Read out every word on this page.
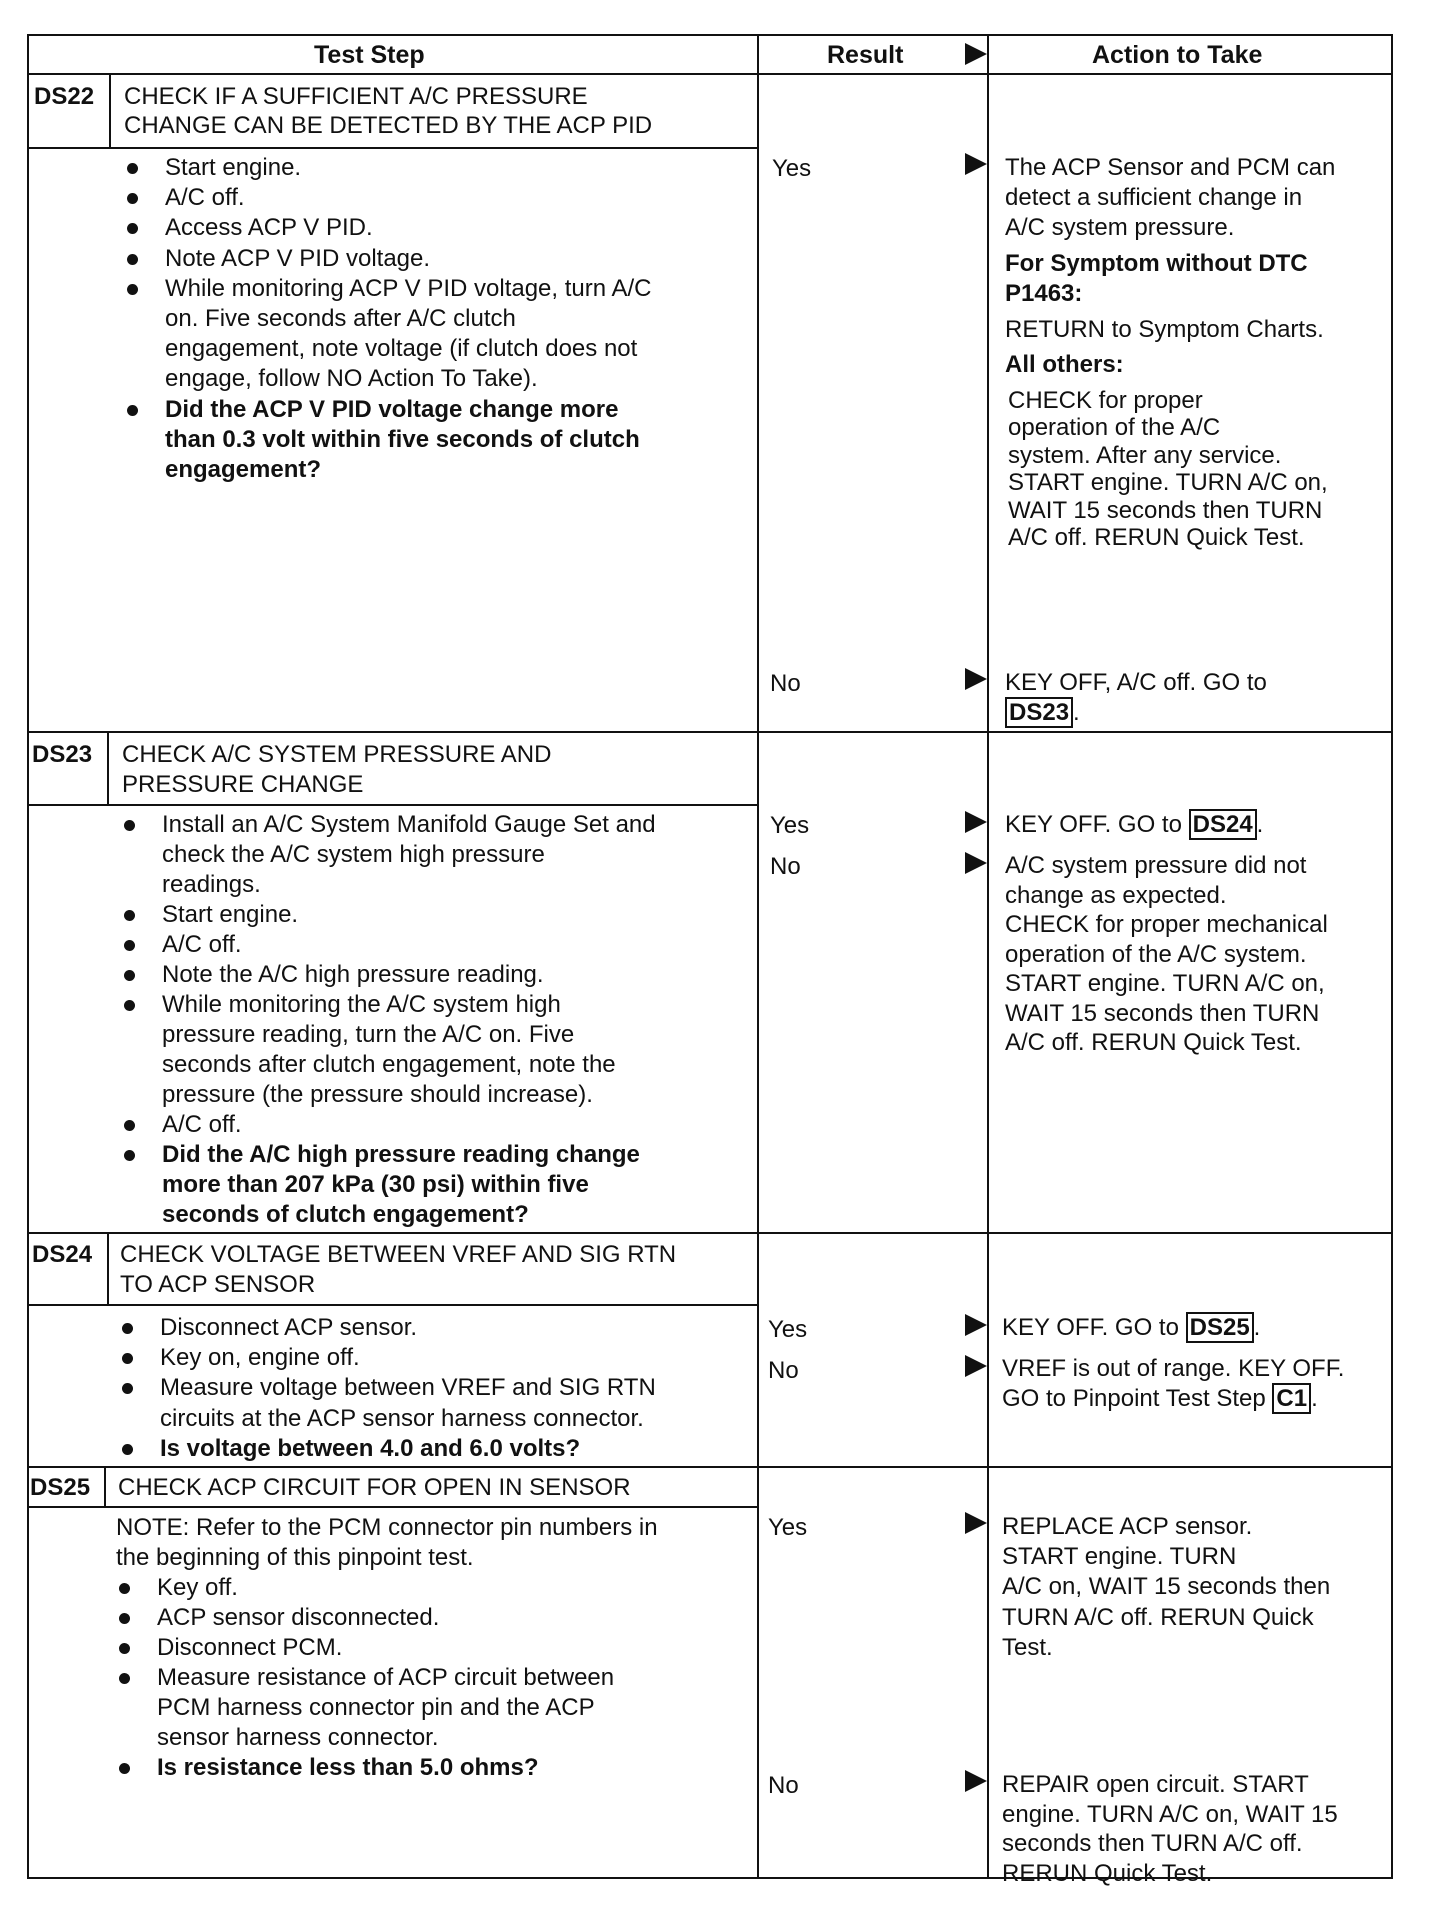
Test Step	Result	Action to Take
DS22 CHECK IF A SUFFICIENT A/C PRESSURE
CHANGE CAN BE DETECTED BY THE ACP PID
Start engine.
A/C off.
Access ACP V PID.
Note ACP V PID voltage.
While monitoring ACP V PID voltage, turn A/C
on. Five seconds after A/C clutch
engagement, note voltage (if clutch does not
engage, follow NO Action To Take).
Did the ACP V PID voltage change more
than 0.3 volt within five seconds of clutch
engagement?
Yes	The ACP Sensor and PCM can
detect a sufficient change in
A/C system pressure.
For Symptom without DTC
P1463:
RETURN to Symptom Charts.
All others:
CHECK for proper
operation of the A/C
system. After any service.
START engine. TURN A/C on,
WAIT 15 seconds then TURN
A/C off. RERUN Quick Test.
No	KEY OFF, A/C off. GO to
DS23 .
DS23 CHECK A/C SYSTEM PRESSURE AND
PRESSURE CHANGE
Install an A/C System Manifold Gauge Set and
check the A/C system high pressure
readings.
Start engine.
A/C off.
Note the A/C high pressure reading.
While monitoring the A/C system high
pressure reading, turn the A/C on. Five
seconds after clutch engagement, note the
pressure (the pressure should increase).
A/C off.
Did the A/C high pressure reading change
more than 207 kPa (30 psi) within five
seconds of clutch engagement?
Yes	KEY OFF. GO to DS24 .
No	A/C system pressure did not
change as expected.
CHECK for proper mechanical
operation of the A/C system.
START engine. TURN A/C on,
WAIT 15 seconds then TURN
A/C off. RERUN Quick Test.
DS24 CHECK VOLTAGE BETWEEN VREF AND SIG RTN
TO ACP SENSOR
Disconnect ACP sensor.
Key on, engine off.
Measure voltage between VREF and SIG RTN
circuits at the ACP sensor harness connector.
Is voltage between 4.0 and 6.0 volts?
Yes	KEY OFF. GO to DS25 .
No	VREF is out of range. KEY OFF.
GO to Pinpoint Test Step C1 .
DS25 CHECK ACP CIRCUIT FOR OPEN IN SENSOR
NOTE: Refer to the PCM connector pin numbers in
the beginning of this pinpoint test.
Key off.
ACP sensor disconnected.
Disconnect PCM.
Measure resistance of ACP circuit between
PCM harness connector pin and the ACP
sensor harness connector.
Is resistance less than 5.0 ohms?
Yes	REPLACE ACP sensor.
START engine. TURN
A/C on, WAIT 15 seconds then
TURN A/C off. RERUN Quick
Test.
No	REPAIR open circuit. START
engine. TURN A/C on, WAIT 15
seconds then TURN A/C off.
RERUN Quick Test.
